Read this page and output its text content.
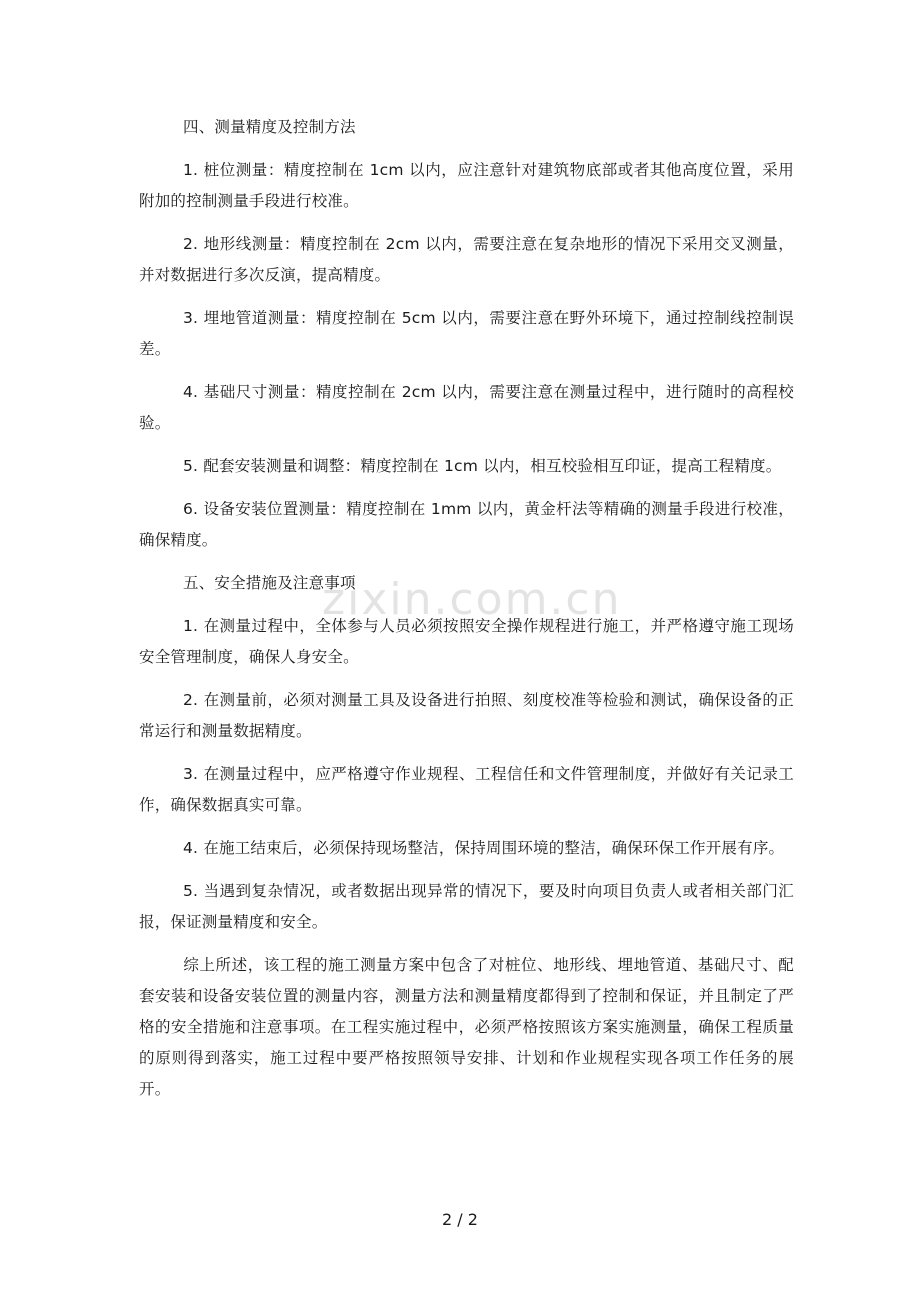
zixin.com.cn

四、测量精度及控制方法

1. 桩位测量：精度控制在 1cm 以内，应注意针对建筑物底部或者其他高度位置，采用附加的控制测量手段进行校准。

2. 地形线测量：精度控制在 2cm 以内，需要注意在复杂地形的情况下采用交叉测量，并对数据进行多次反演，提高精度。

3. 埋地管道测量：精度控制在 5cm 以内，需要注意在野外环境下，通过控制线控制误差。

4. 基础尺寸测量：精度控制在 2cm 以内，需要注意在测量过程中，进行随时的高程校验。

5. 配套安装测量和调整：精度控制在 1cm 以内，相互校验相互印证，提高工程精度。

6. 设备安装位置测量：精度控制在 1mm 以内，黄金杆法等精确的测量手段进行校准，确保精度。

五、安全措施及注意事项

1. 在测量过程中，全体参与人员必须按照安全操作规程进行施工，并严格遵守施工现场安全管理制度，确保人身安全。

2. 在测量前，必须对测量工具及设备进行拍照、刻度校准等检验和测试，确保设备的正常运行和测量数据精度。

3. 在测量过程中，应严格遵守作业规程、工程信任和文件管理制度，并做好有关记录工作，确保数据真实可靠。

4. 在施工结束后，必须保持现场整洁，保持周围环境的整洁，确保环保工作开展有序。

5. 当遇到复杂情况，或者数据出现异常的情况下，要及时向项目负责人或者相关部门汇报，保证测量精度和安全。

综上所述，该工程的施工测量方案中包含了对桩位、地形线、埋地管道、基础尺寸、配套安装和设备安装位置的测量内容，测量方法和测量精度都得到了控制和保证，并且制定了严格的安全措施和注意事项。在工程实施过程中，必须严格按照该方案实施测量，确保工程质量的原则得到落实，施工过程中要严格按照领导安排、计划和作业规程实现各项工作任务的展开。

2 / 2
